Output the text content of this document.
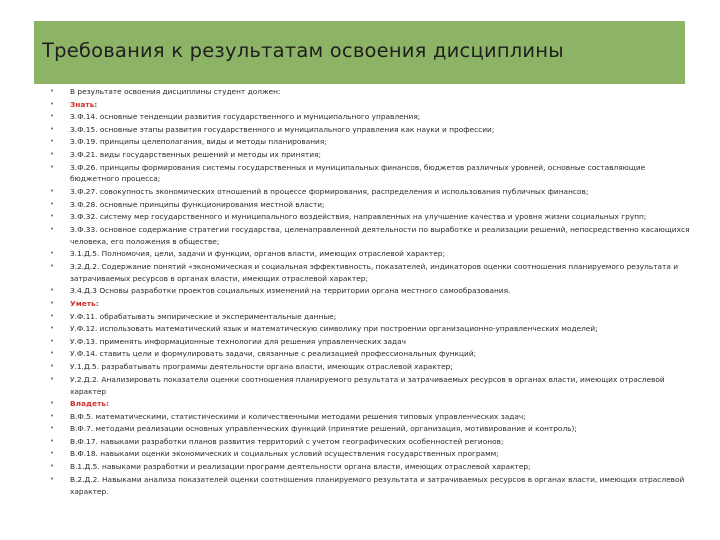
Требования к результатам освоения дисциплины
• В результате освоения дисциплины студент должен:
• Знать:
• З.Ф.14. основные тенденции развития государственного и муниципального управления;
• З.Ф.15. основные этапы развития государственного и муниципального управления как науки и профессии;
• З.Ф.19. принципы целеполагания, виды и методы планирования;
• З.Ф.21. виды государственных решений и методы их принятия;
• З.Ф.26. принципы формирования системы государственных и муниципальных финансов, бюджетов различных уровней, основные составляющие бюджетного процесса;
• З.Ф.27. совокупность экономических отношений в процессе формирования, распределения и использования публичных финансов;
• З.Ф.28. основные принципы функционирования местной власти;
• З.Ф.32. систему мер государственного и муниципального воздействия, направленных на улучшение качества и уровня жизни социальных групп;
• З.Ф.33. основное содержание стратегии государства, целенаправленной деятельности по выработке и реализации решений, непосредственно касающихся человека, его положения в обществе;
• З.1.Д.5. Полномочия, цели, задачи и функции, органов власти, имеющих отраслевой характер;
• З.2.Д.2. Содержание понятий «экономическая и социальная эффективность, показателей, индикаторов оценки соотношения планируемого результата и затрачиваемых ресурсов в органах власти, имеющих отраслевой характер;
• З.4.Д.3 Основы разработки проектов социальных изменений на территории органа местного самообразования.
• Уметь:
• У.Ф.11. обрабатывать эмпирические и экспериментальные данные;
• У.Ф.12. использовать математический язык и математическую символику при построении организационно-управленческих моделей;
• У.Ф.13. применять информационные технологии для решения управленческих задач
• У.Ф.14. ставить цели и формулировать задачи, связанные с реализацией профессиональных функций;
• У.1.Д.5. разрабатывать программы деятельности органа власти, имеющих отраслевой характер;
• У.2.Д.2. Анализировать показатели оценки соотношения планируемого результата и затрачиваемых ресурсов в органах власти, имеющих отраслевой характер
• Владеть:
• В.Ф.5. математическими, статистическими и количественными методами решения типовых управленческих задач;
• В.Ф.7. методами реализации основных управленческих функций (принятие решений, организация, мотивирование и контроль);
• В.Ф.17. навыками разработки планов развития территорий с учетом географических особенностей регионов;
• В.Ф.18. навыками оценки экономических и социальных условий осуществления государственных программ;
• В.1.Д.5. навыками разработки и реализации программ деятельности органа власти, имеющих отраслевой характер;
• В.2.Д.2. Навыками анализа показателей оценки соотношения планируемого результата и затрачиваемых ресурсов в органах власти, имеющих отраслевой характер.
